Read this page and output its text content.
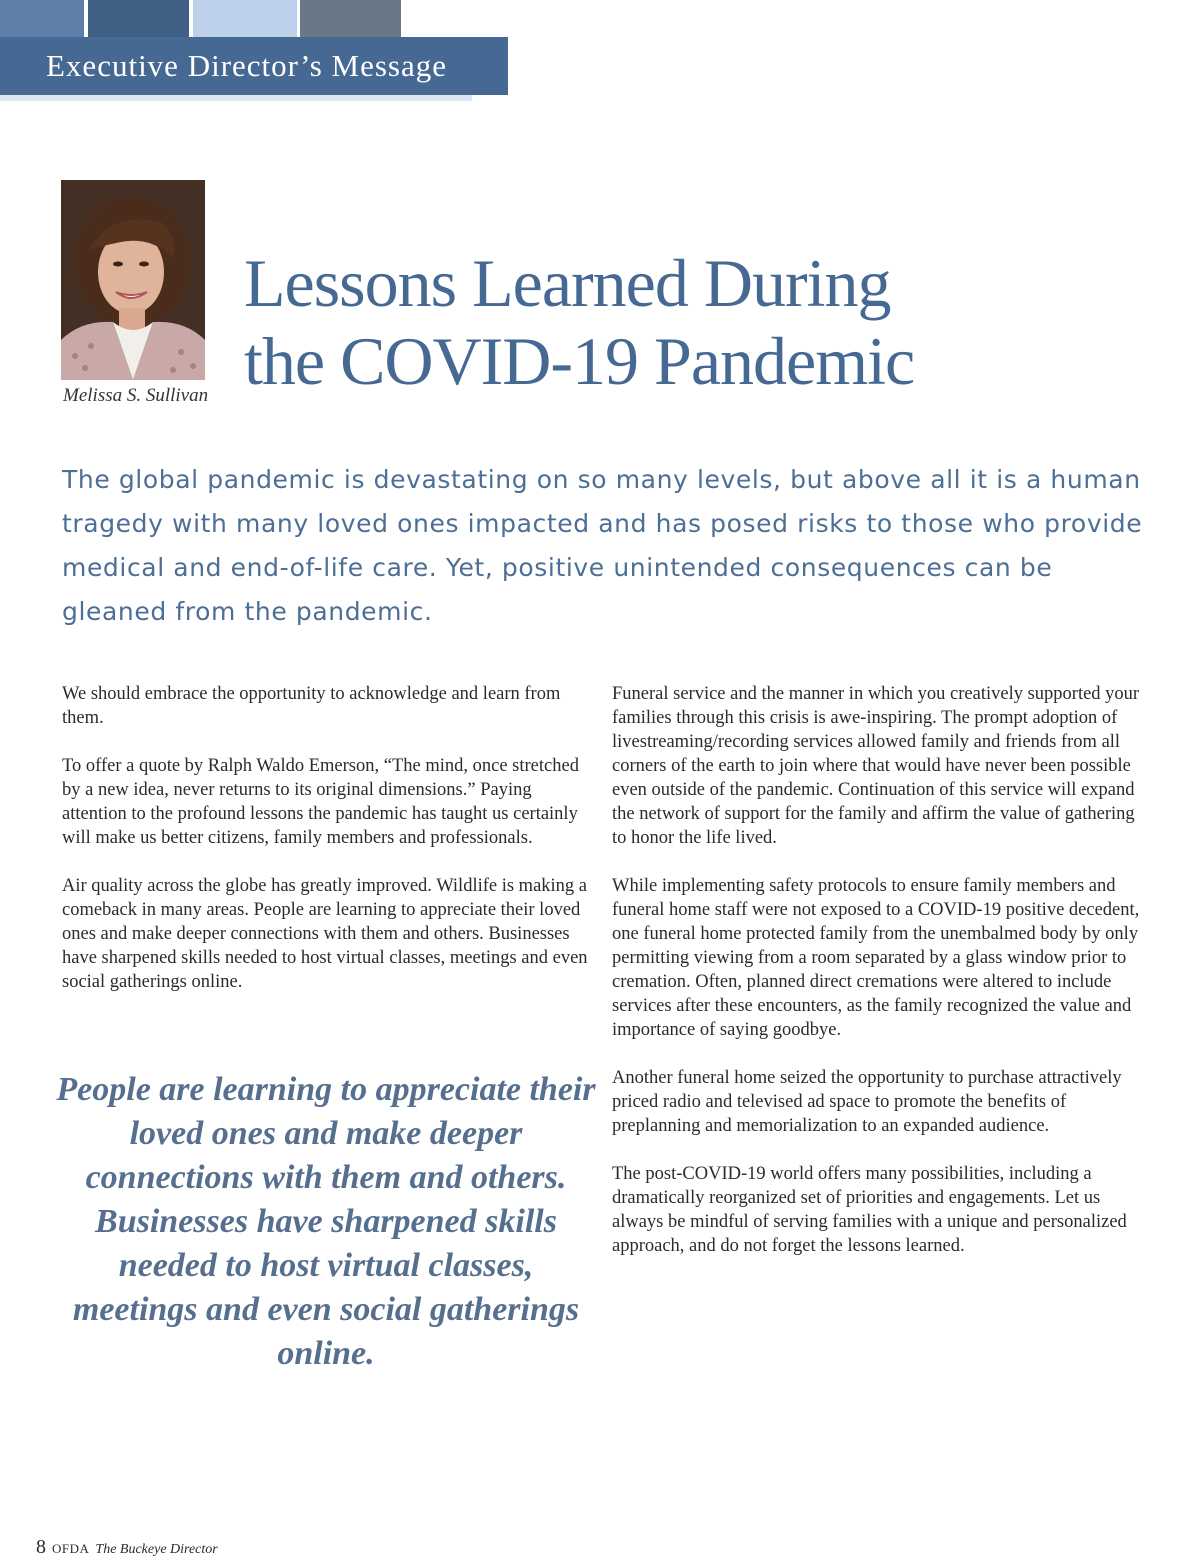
Executive Director’s Message
Melissa S. Sullivan
Lessons Learned During
the COVID-19 Pandemic

The global pandemic is devastating on so many levels, but above all it is a human tragedy with many loved ones impacted and has posed risks to those who provide medical and end-of-life care. Yet, positive unintended consequences can be gleaned from the pandemic.

We should embrace the opportunity to acknowledge and learn from them.

To offer a quote by Ralph Waldo Emerson, “The mind, once stretched by a new idea, never returns to its original dimensions.” Paying attention to the profound lessons the pandemic has taught us certainly will make us better citizens, family members and professionals.

Air quality across the globe has greatly improved. Wildlife is making a comeback in many areas. People are learning to appreciate their loved ones and make deeper connections with them and others. Businesses have sharpened skills needed to host virtual classes, meetings and even social gatherings online.

People are learning to appreciate their loved ones and make deeper connections with them and others. Businesses have sharpened skills needed to host virtual classes, meetings and even social gatherings online.

Funeral service and the manner in which you creatively supported your families through this crisis is awe-inspiring. The prompt adoption of livestreaming/recording services allowed family and friends from all corners of the earth to join where that would have never been possible even outside of the pandemic. Continuation of this service will expand the network of support for the family and affirm the value of gathering to honor the life lived.

While implementing safety protocols to ensure family members and funeral home staff were not exposed to a COVID-19 positive decedent, one funeral home protected family from the unembalmed body by only permitting viewing from a room separated by a glass window prior to cremation. Often, planned direct cremations were altered to include services after these encounters, as the family recognized the value and importance of saying goodbye.

Another funeral home seized the opportunity to purchase attractively priced radio and televised ad space to promote the benefits of preplanning and memorialization to an expanded audience.

The post-COVID-19 world offers many possibilities, including a dramatically reorganized set of priorities and engagements. Let us always be mindful of serving families with a unique and personalized approach, and do not forget the lessons learned.

8 OFDA The Buckeye Director
